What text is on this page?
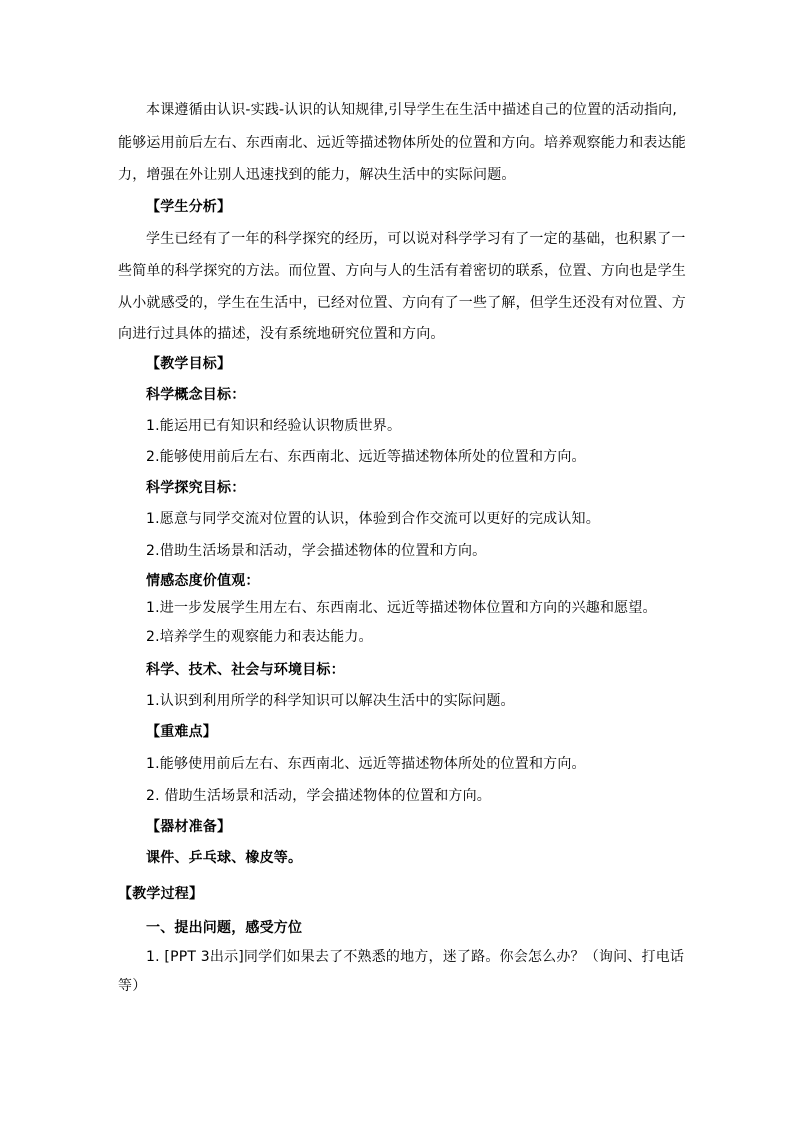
本课遵循由认识-实践-认识的认知规律,引导学生在生活中描述自己的位置的活动指向,
能够运用前后左右、东西南北、远近等描述物体所处的位置和方向。培养观察能力和表达能
力，增强在外让别人迅速找到的能力，解决生活中的实际问题。
【学生分析】
学生已经有了一年的科学探究的经历，可以说对科学学习有了一定的基础，也积累了一
些简单的科学探究的方法。而位置、方向与人的生活有着密切的联系，位置、方向也是学生
从小就感受的，学生在生活中，已经对位置、方向有了一些了解，但学生还没有对位置、方
向进行过具体的描述，没有系统地研究位置和方向。
【教学目标】
科学概念目标：
1.能运用已有知识和经验认识物质世界。
2.能够使用前后左右、东西南北、远近等描述物体所处的位置和方向。
科学探究目标：
1.愿意与同学交流对位置的认识，体验到合作交流可以更好的完成认知。
2.借助生活场景和活动，学会描述物体的位置和方向。
情感态度价值观：
1.进一步发展学生用左右、东西南北、远近等描述物体位置和方向的兴趣和愿望。
2.培养学生的观察能力和表达能力。
科学、技术、社会与环境目标：
1.认识到利用所学的科学知识可以解决生活中的实际问题。
【重难点】
1.能够使用前后左右、东西南北、远近等描述物体所处的位置和方向。
2. 借助生活场景和活动，学会描述物体的位置和方向。
【器材准备】
课件、乒乓球、橡皮等。
【教学过程】
一、提出问题，感受方位
1. [PPT 3出示]同学们如果去了不熟悉的地方，迷了路。你会怎么办？（询问、打电话
等）
